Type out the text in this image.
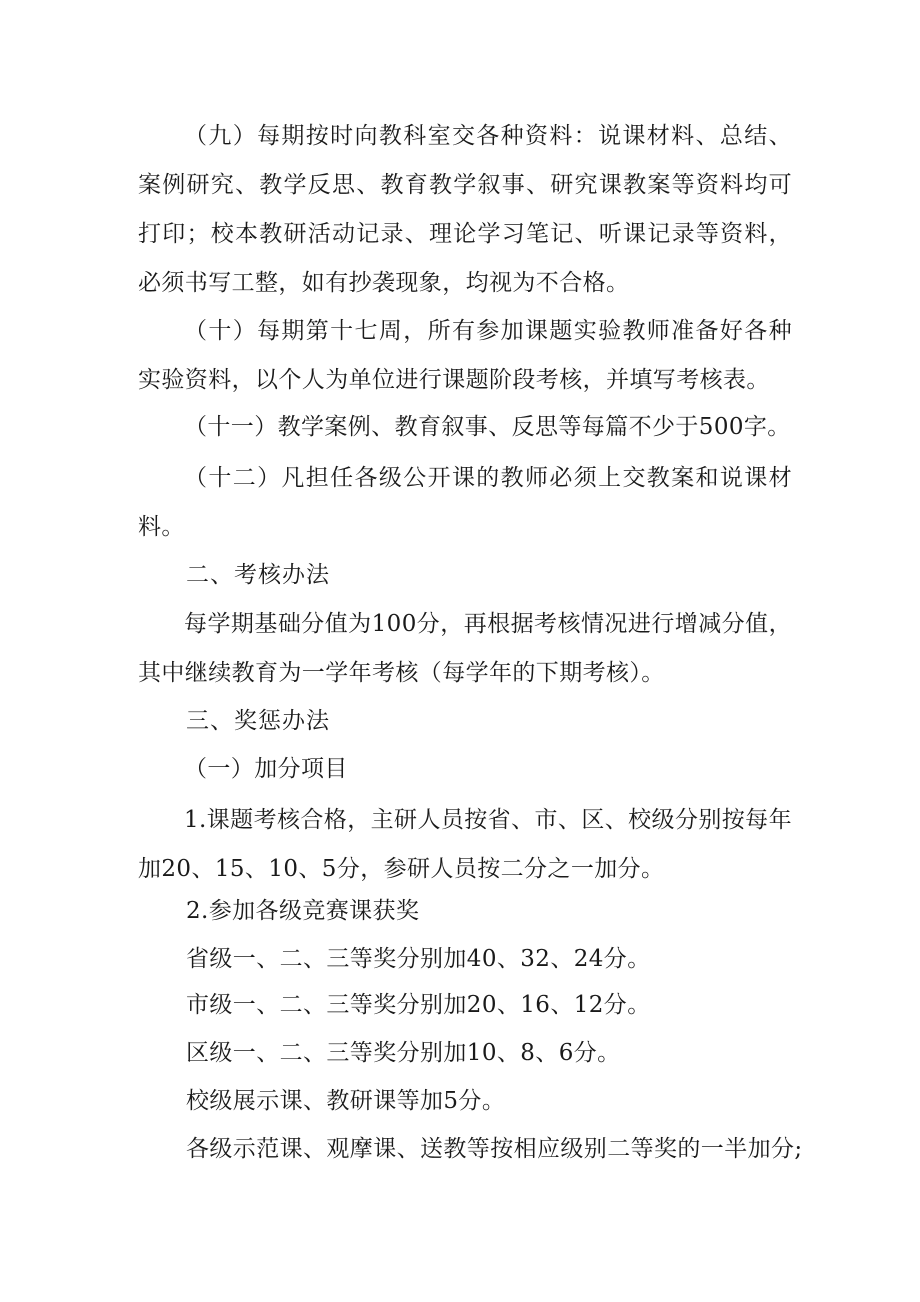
（九）每期按时向教科室交各种资料：说课材料、总结、案例研究、教学反思、教育教学叙事、研究课教案等资料均可打印；校本教研活动记录、理论学习笔记、听课记录等资料，必须书写工整，如有抄袭现象，均视为不合格。

（十）每期第十七周，所有参加课题实验教师准备好各种实验资料，以个人为单位进行课题阶段考核，并填写考核表。

（十一）教学案例、教育叙事、反思等每篇不少于500字。

（十二）凡担任各级公开课的教师必须上交教案和说课材料。

二、考核办法

每学期基础分值为100分，再根据考核情况进行增减分值，其中继续教育为一学年考核（每学年的下期考核）。

三、奖惩办法

（一）加分项目

1.课题考核合格，主研人员按省、市、区、校级分别按每年加20、15、10、5分，参研人员按二分之一加分。

2.参加各级竞赛课获奖

省级一、二、三等奖分别加40、32、24分。

市级一、二、三等奖分别加20、16、12分。

区级一、二、三等奖分别加10、8、6分。

校级展示课、教研课等加5分。

各级示范课、观摩课、送教等按相应级别二等奖的一半加分;
